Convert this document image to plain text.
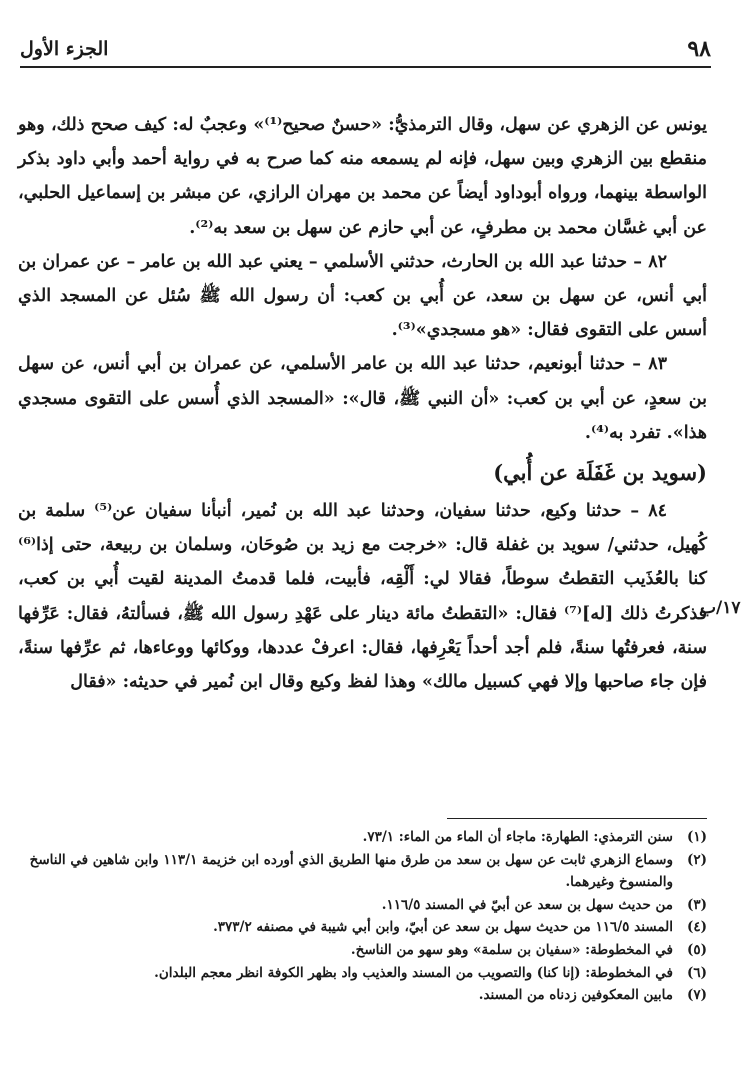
٩٨
الجزء الأول

يونس عن الزهري عن سهل، وقال الترمذيُّ: «حسنٌ صحيح⁽¹⁾» وعجبٌ له: كيف صحح ذلك، وهو منقطع بين الزهري وبين سهل، فإنه لم يسمعه منه كما صرح به في رواية أحمد وأبي داود بذكر الواسطة بينهما، ورواه أبوداود أيضاً عن محمد بن مهران الرازي، عن مبشر بن إسماعيل الحلبي، عن أبي غسَّان محمد بن مطرفٍ، عن أبي حازم عن سهل بن سعد به⁽²⁾.

٨٢ – حدثنا عبد الله بن الحارث، حدثني الأسلمي – يعني عبد الله بن عامر – عن عمران بن أبي أنس، عن سهل بن سعد، عن أُبي بن كعب: أن رسول الله ﷺ سُئل عن المسجد الذي أسس على التقوى فقال: «هو مسجدي»⁽³⁾.

٨٣ – حدثنا أبونعيم، حدثنا عبد الله بن عامر الأسلمي، عن عمران بن أبي أنس، عن سهل بن سعدٍ، عن أبي بن كعب: «أن النبي ﷺ، قال»: «المسجد الذي أُسس على التقوى مسجدي هذا». تفرد به⁽⁴⁾.

(سويد بن غَفَلَة عن أُبي)

٨٤ – حدثنا وكيع، حدثنا سفيان، وحدثنا عبد الله بن نُمير، أنبأنا سفيان عن⁽⁵⁾ سلمة بن كُهيل، حدثني/ سويد بن غفلة قال: «خرجت مع زيد بن صُوحَان، وسلمان بن ربيعة، حتى إذا⁽⁶⁾ كنا بالعُذَيب التقطتُ سوطاً، فقالا لي: أَلْقِه، فأبيت، فلما قدمتُ المدينة لقيت أُبي بن كعب، فذكرتُ ذلك [له]⁽⁷⁾ فقال: «التقطتُ مائة دينار على عَهْدِ رسول الله ﷺ، فسألتهُ، فقال: عَرِّفها سنة، فعرفتُها سنةً، فلم أجد أحداً يَعْرِفها، فقال: اعرفْ عددها، ووكائها ووعاءها، ثم عرِّفها سنةً، فإن جاء صاحبها وإلا فهي كسبيل مالك» وهذا لفظ وكيع وقال ابن نُمير في حديثه: «فقال

١٧/ب
(١)
سنن الترمذي: الطهارة: ماجاء أن الماء من الماء: ٧٣/١.
(٢)
وسماع الزهري ثابت عن سهل بن سعد من طرق منها الطريق الذي أورده ابن خزيمة ١١٣/١ وابن شاهين في الناسخ والمنسوخ وغيرهما.
(٣)
من حديث سهل بن سعد عن أبيّ في المسند ١١٦/٥.
(٤)
المسند ١١٦/٥ من حديث سهل بن سعد عن أبيّ، وابن أبي شيبة في مصنفه ٣٧٣/٢.
(٥)
في المخطوطة: «سفيان بن سلمة» وهو سهو من الناسخ.
(٦)
في المخطوطة: (إنا كنا) والتصويب من المسند والعذيب واد بظهر الكوفة انظر معجم البلدان.
(٧)
مابين المعكوفين زدناه من المسند.
